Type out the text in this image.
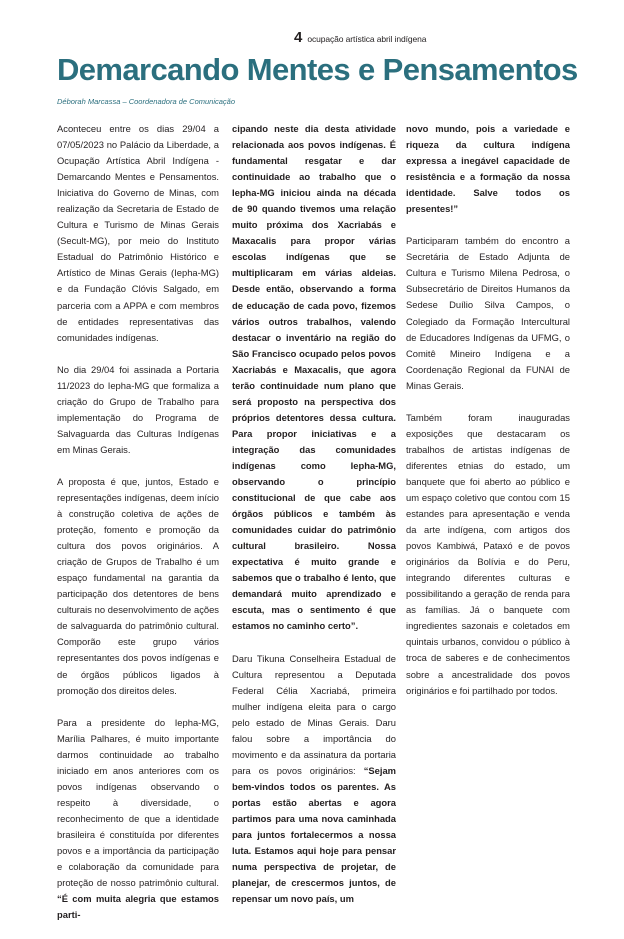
4 ocupação artística abril indígena
Demarcando Mentes e Pensamentos
Déborah Marcassa – Coordenadora de Comunicação

Aconteceu entre os dias 29/04 a 07/05/2023 no Palácio da Liberdade, a Ocupação Artística Abril Indígena - Demarcando Mentes e Pensamentos. Iniciativa do Governo de Minas, com realização da Secretaria de Estado de Cultura e Turismo de Minas Gerais (Secult-MG), por meio do Instituto Estadual do Patrimônio Histórico e Artístico de Minas Gerais (Iepha-MG) e da Fundação Clóvis Salgado, em parceria com a APPA e com membros de entidades representativas das comunidades indígenas.

No dia 29/04 foi assinada a Portaria 11/2023 do Iepha-MG que formaliza a criação do Grupo de Trabalho para implementação do Programa de Salvaguarda das Culturas Indígenas em Minas Gerais.

A proposta é que, juntos, Estado e representações indígenas, deem início à construção coletiva de ações de proteção, fomento e promoção da cultura dos povos originários. A criação de Grupos de Trabalho é um espaço fundamental na garantia da participação dos detentores de bens culturais no desenvolvimento de ações de salvaguarda do patrimônio cultural. Comporão este grupo vários representantes dos povos indígenas e de órgãos públicos ligados à promoção dos direitos deles.

Para a presidente do Iepha-MG, Marília Palhares, é muito importante darmos continuidade ao trabalho iniciado em anos anteriores com os povos indígenas observando o respeito à diversidade, o reconhecimento de que a identidade brasileira é constituída por diferentes povos e a importância da participação e colaboração da comunidade para proteção de nosso patrimônio cultural. “É com muita alegria que estamos parti-

cipando neste dia desta atividade relacionada aos povos indígenas. É fundamental resgatar e dar continuidade ao trabalho que o Iepha-MG iniciou ainda na década de 90 quando tivemos uma relação muito próxima dos Xacriabás e Maxacalis para propor várias escolas indígenas que se multiplicaram em várias aldeias. Desde então, observando a forma de educação de cada povo, fizemos vários outros trabalhos, valendo destacar o inventário na região do São Francisco ocupado pelos povos Xacriabás e Maxacalis, que agora terão continuidade num plano que será proposto na perspectiva dos próprios detentores dessa cultura. Para propor iniciativas e a integração das comunidades indígenas como Iepha-MG, observando o princípio constitucional de que cabe aos órgãos públicos e também às comunidades cuidar do patrimônio cultural brasileiro. Nossa expectativa é muito grande e sabemos que o trabalho é lento, que demandará muito aprendizado e escuta, mas o sentimento é que estamos no caminho certo”.

Daru Tikuna Conselheira Estadual de Cultura representou a Deputada Federal Célia Xacriabá, primeira mulher indígena eleita para o cargo pelo estado de Minas Gerais. Daru falou sobre a importância do movimento e da assinatura da portaria para os povos originários: “Sejam bem-vindos todos os parentes. As portas estão abertas e agora partimos para uma nova caminhada para juntos fortalecermos a nossa luta. Estamos aqui hoje para pensar numa perspectiva de projetar, de planejar, de crescermos juntos, de repensar um novo país, um

novo mundo, pois a variedade e riqueza da cultura indígena expressa a inegável capacidade de resistência e a formação da nossa identidade. Salve todos os presentes!”

Participaram também do encontro a Secretária de Estado Adjunta de Cultura e Turismo Milena Pedrosa, o Subsecretário de Direitos Humanos da Sedese Duílio Silva Campos, o Colegiado da Formação Intercultural de Educadores Indígenas da UFMG, o Comitê Mineiro Indígena e a Coordenação Regional da FUNAI de Minas Gerais.

Também foram inauguradas exposições que destacaram os trabalhos de artistas indígenas de diferentes etnias do estado, um banquete que foi aberto ao público e um espaço coletivo que contou com 15 estandes para apresentação e venda da arte indígena, com artigos dos povos Kambiwá, Pataxó e de povos originários da Bolívia e do Peru, integrando diferentes culturas e possibilitando a geração de renda para as famílias. Já o banquete com ingredientes sazonais e coletados em quintais urbanos, convidou o público à troca de saberes e de conhecimentos sobre a ancestralidade dos povos originários e foi partilhado por todos.
